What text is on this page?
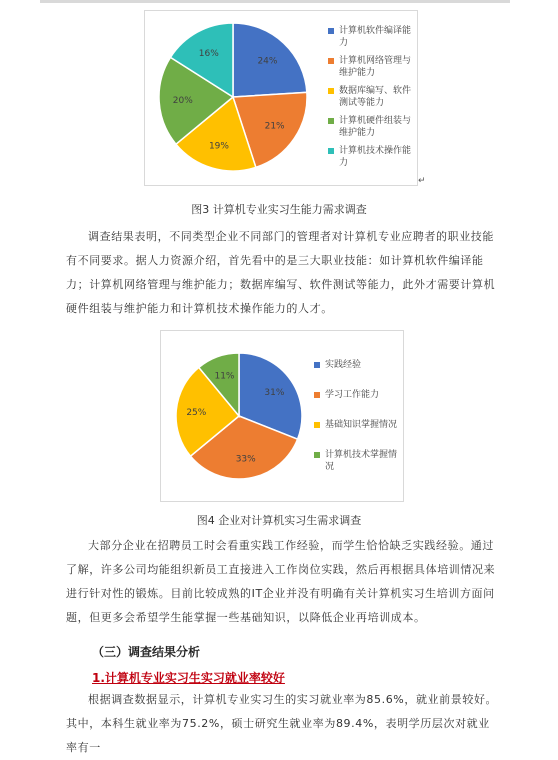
24%
21%
19%
20%
16%
计算机软件编译能力
计算机网络管理与维护能力
数据库编写、软件测试等能力
计算机硬件组装与维护能力
计算机技术操作能力
↵
图3 计算机专业实习生能力需求调查

调查结果表明，不同类型企业不同部门的管理者对计算机专业应聘者的职业技能有不同要求。据人力资源介绍，首先看中的是三大职业技能：如计算机软件编译能力；计算机网络管理与维护能力；数据库编写、软件测试等能力，此外才需要计算机硬件组装与维护能力和计算机技术操作能力的人才。

31%
33%
25%
11%
实践经验
学习工作能力
基础知识掌握情况
计算机技术掌握情况
图4 企业对计算机实习生需求调查

大部分企业在招聘员工时会看重实践工作经验，而学生恰恰缺乏实践经验。通过了解，许多公司均能组织新员工直接进入工作岗位实践，然后再根据具体培训情况来进行针对性的锻炼。目前比较成熟的IT企业并没有明确有关计算机实习生培训方面问题，但更多会希望学生能掌握一些基础知识，以降低企业再培训成本。

（三）调查结果分析
1.计算机专业实习生实习就业率较好

根据调查数据显示，计算机专业实习生的实习就业率为85.6%，就业前景较好。其中，本科生就业率为75.2%，硕士研究生就业率为89.4%，表明学历层次对就业率有一
